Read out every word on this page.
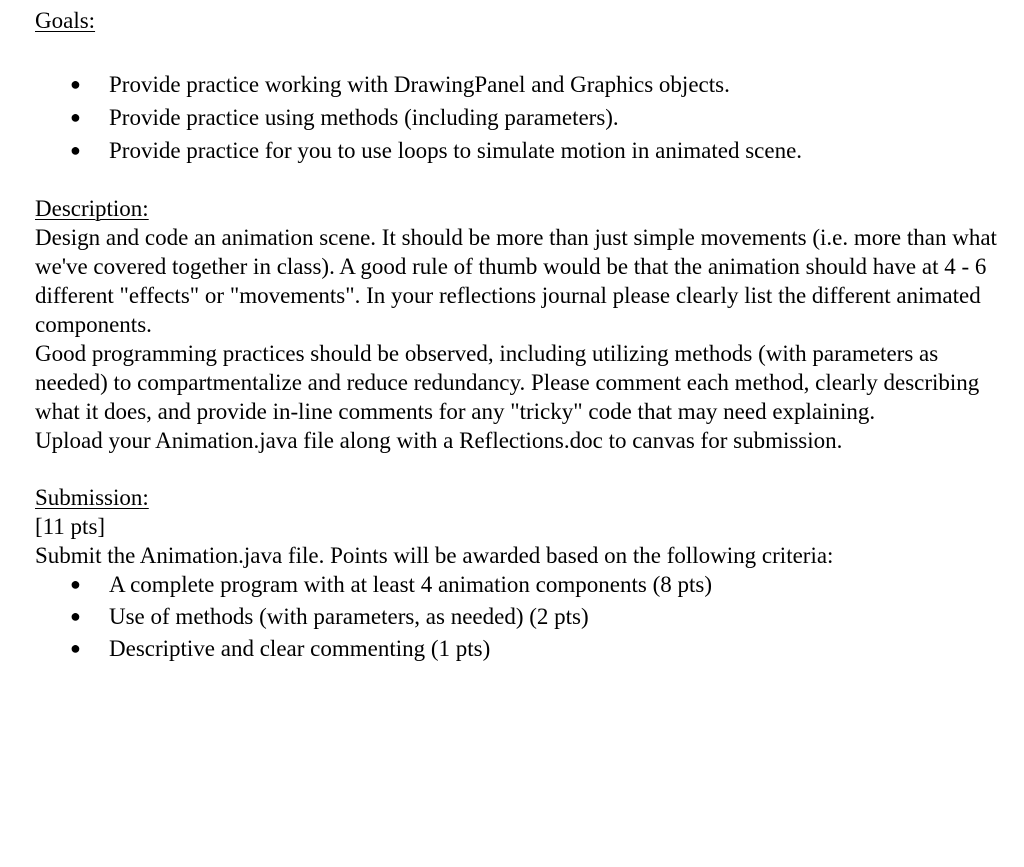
Goals:

● Provide practice working with DrawingPanel and Graphics objects.
● Provide practice using methods (including parameters).
● Provide practice for you to use loops to simulate motion in animated scene.

Description:

Design and code an animation scene. It should be more than just simple movements (i.e. more than what we've covered together in class). A good rule of thumb would be that the animation should have at 4 - 6 different "effects" or "movements". In your reflections journal please clearly list the different animated components.

Good programming practices should be observed, including utilizing methods (with parameters as needed) to compartmentalize and reduce redundancy. Please comment each method, clearly describing what it does, and provide in-line comments for any "tricky" code that may need explaining.

Upload your Animation.java file along with a Reflections.doc to canvas for submission.

Submission:

[11 pts]

Submit the Animation.java file. Points will be awarded based on the following criteria:

● A complete program with at least 4 animation components (8 pts)
● Use of methods (with parameters, as needed) (2 pts)
● Descriptive and clear commenting (1 pts)
